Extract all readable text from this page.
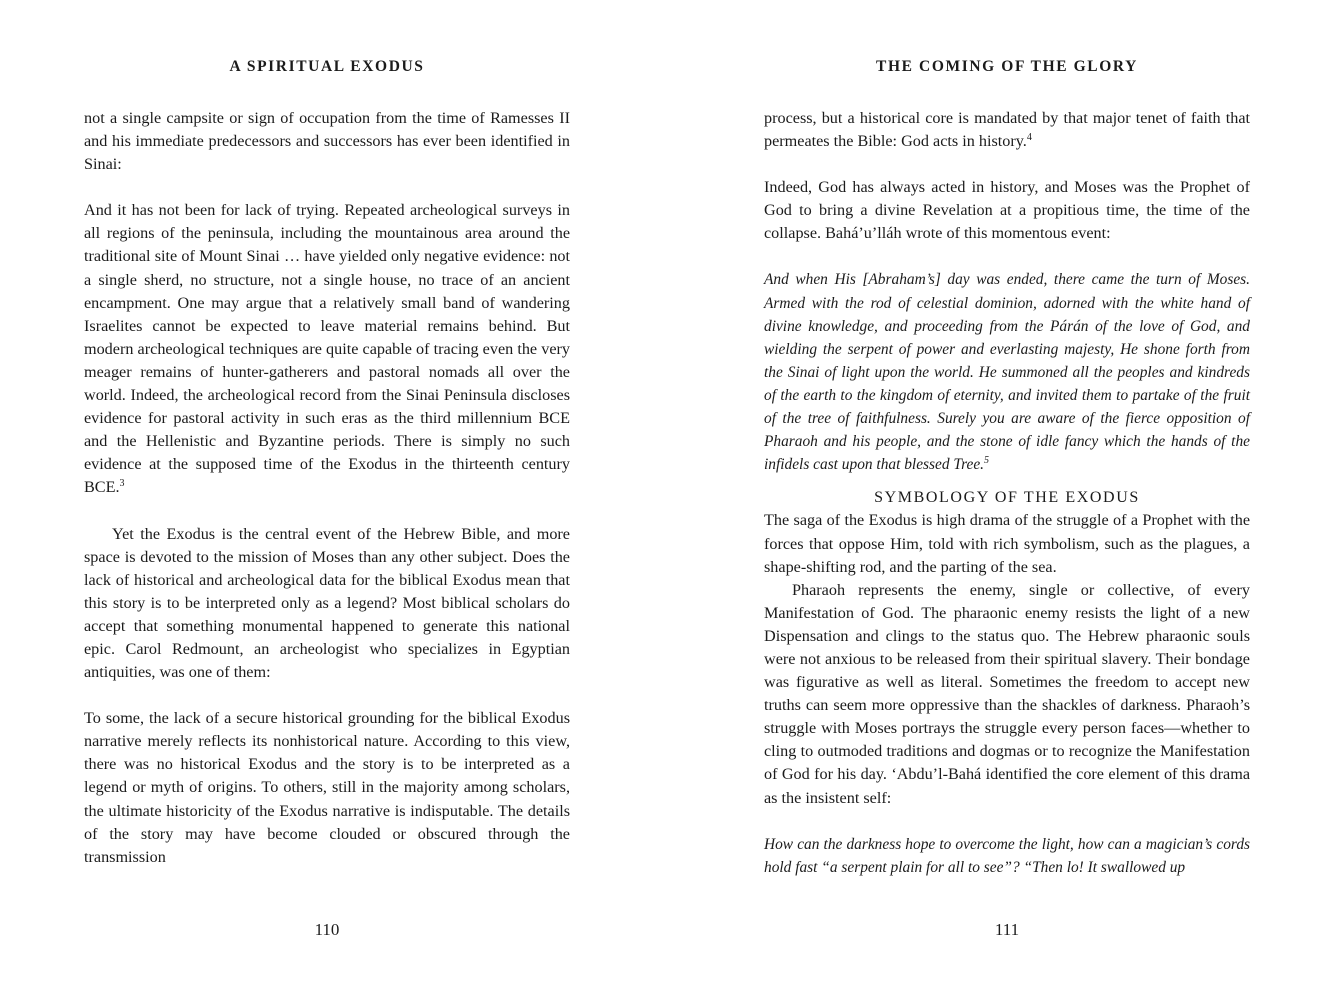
A SPIRITUAL EXODUS

not a single campsite or sign of occupation from the time of Ramesses II and his immediate predecessors and successors has ever been identified in Sinai:

And it has not been for lack of trying. Repeated archeological surveys in all regions of the peninsula, including the mountainous area around the traditional site of Mount Sinai … have yielded only negative evidence: not a single sherd, no structure, not a single house, no trace of an ancient encampment. One may argue that a relatively small band of wandering Israelites cannot be expected to leave material remains behind. But modern archeological techniques are quite capable of tracing even the very meager remains of hunter-gatherers and pastoral nomads all over the world. Indeed, the archeological record from the Sinai Peninsula discloses evidence for pastoral activity in such eras as the third millennium BCE and the Hellenistic and Byzantine periods. There is simply no such evidence at the supposed time of the Exodus in the thirteenth century BCE.$^3$

Yet the Exodus is the central event of the Hebrew Bible, and more space is devoted to the mission of Moses than any other subject. Does the lack of historical and archeological data for the biblical Exodus mean that this story is to be interpreted only as a legend? Most biblical scholars do accept that something monumental happened to generate this national epic. Carol Redmount, an archeologist who specializes in Egyptian antiquities, was one of them:

To some, the lack of a secure historical grounding for the biblical Exodus narrative merely reflects its nonhistorical nature. According to this view, there was no historical Exodus and the story is to be interpreted as a legend or myth of origins. To others, still in the majority among scholars, the ultimate historicity of the Exodus narrative is indisputable. The details of the story may have become clouded or obscured through the transmission

110
THE COMING OF THE GLORY

process, but a historical core is mandated by that major tenet of faith that permeates the Bible: God acts in history.$^4$

Indeed, God has always acted in history, and Moses was the Prophet of God to bring a divine Revelation at a propitious time, the time of the collapse. Bahá’u’lláh wrote of this momentous event:

And when His [Abraham’s] day was ended, there came the turn of Moses. Armed with the rod of celestial dominion, adorned with the white hand of divine knowledge, and proceeding from the Párán of the love of God, and wielding the serpent of power and everlasting majesty, He shone forth from the Sinai of light upon the world. He summoned all the peoples and kindreds of the earth to the kingdom of eternity, and invited them to partake of the fruit of the tree of faithfulness. Surely you are aware of the fierce opposition of Pharaoh and his people, and the stone of idle fancy which the hands of the infidels cast upon that blessed Tree.$^5$

SYMBOLOGY OF THE EXODUS

The saga of the Exodus is high drama of the struggle of a Prophet with the forces that oppose Him, told with rich symbolism, such as the plagues, a shape-shifting rod, and the parting of the sea.

Pharaoh represents the enemy, single or collective, of every Manifestation of God. The pharaonic enemy resists the light of a new Dispensation and clings to the status quo. The Hebrew pharaonic souls were not anxious to be released from their spiritual slavery. Their bondage was figurative as well as literal. Sometimes the freedom to accept new truths can seem more oppressive than the shackles of darkness. Pharaoh’s struggle with Moses portrays the struggle every person faces—whether to cling to outmoded traditions and dogmas or to recognize the Manifestation of God for his day. ‘Abdu’l-Bahá identified the core element of this drama as the insistent self:

How can the darkness hope to overcome the light, how can a magician’s cords hold fast “a serpent plain for all to see”? “Then lo! It swallowed up

111
